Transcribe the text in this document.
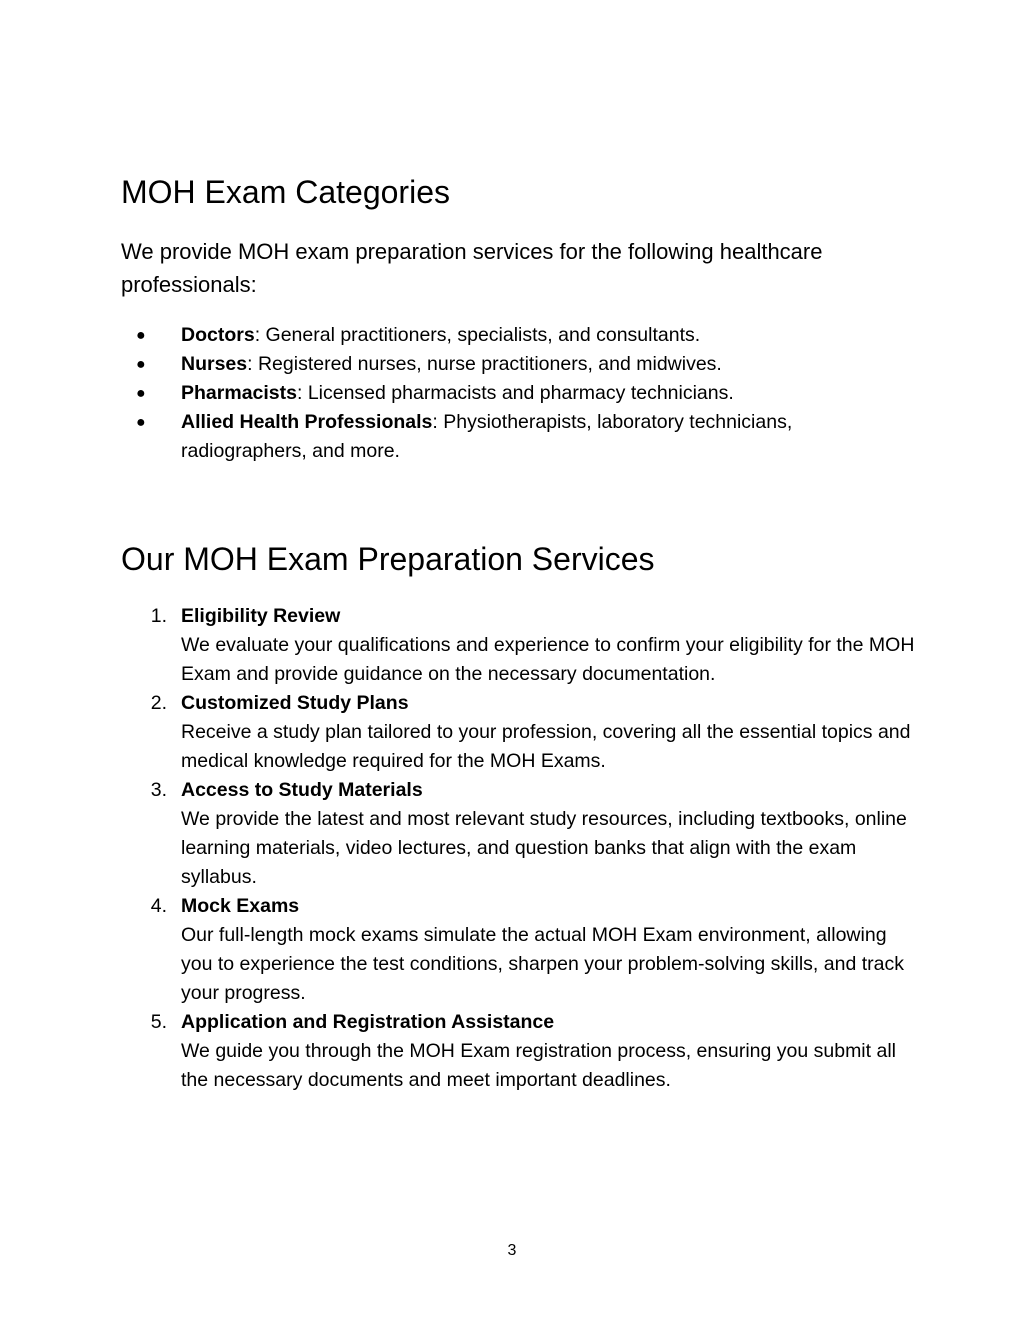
MOH Exam Categories

We provide MOH exam preparation services for the following healthcare professionals:

●	Doctors: General practitioners, specialists, and consultants.
●	Nurses: Registered nurses, nurse practitioners, and midwives.
●	Pharmacists: Licensed pharmacists and pharmacy technicians.
●	Allied Health Professionals: Physiotherapists, laboratory technicians, radiographers, and more.
Our MOH Exam Preparation Services
1. Eligibility Review
We evaluate your qualifications and experience to confirm your eligibility for the MOH Exam and provide guidance on the necessary documentation.
2. Customized Study Plans
Receive a study plan tailored to your profession, covering all the essential topics and medical knowledge required for the MOH Exams.
3. Access to Study Materials
We provide the latest and most relevant study resources, including textbooks, online learning materials, video lectures, and question banks that align with the exam syllabus.
4. Mock Exams
Our full-length mock exams simulate the actual MOH Exam environment, allowing you to experience the test conditions, sharpen your problem-solving skills, and track your progress.
5. Application and Registration Assistance
We guide you through the MOH Exam registration process, ensuring you submit all the necessary documents and meet important deadlines.
3
